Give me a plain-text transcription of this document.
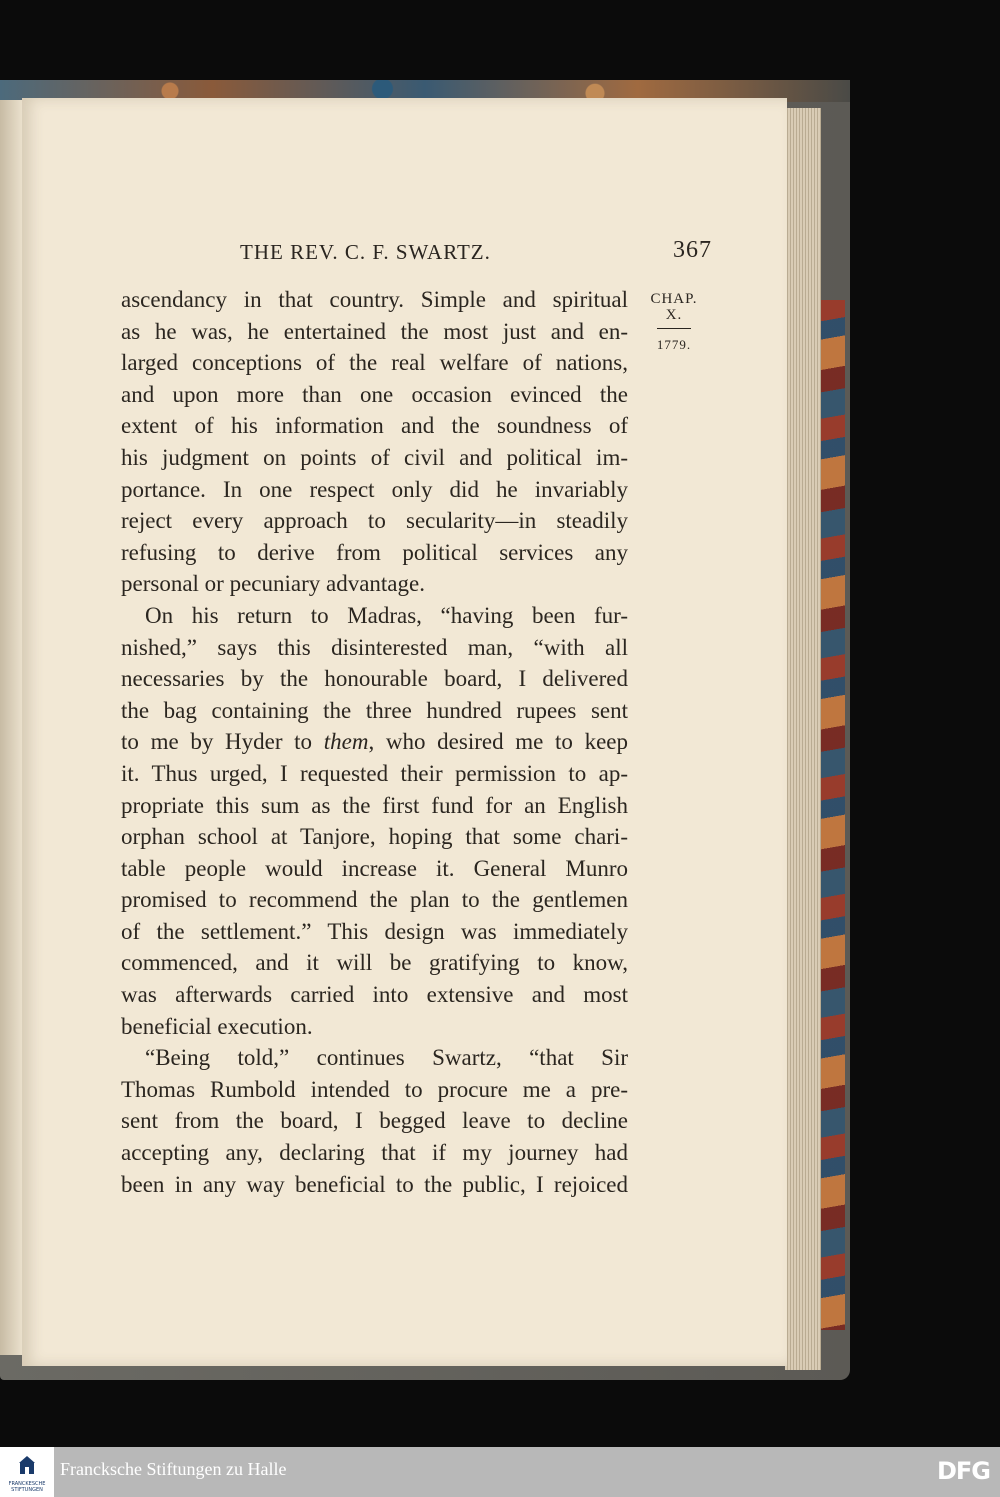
THE REV. C. F. SWARTZ.	367
CHAP.
X.
1779.
ascendancy in that country. Simple and spiritual
as he was, he entertained the most just and en-
larged conceptions of the real welfare of nations,
and upon more than one occasion evinced the
extent of his information and the soundness of
his judgment on points of civil and political im-
portance. In one respect only did he invariably
reject every approach to secularity—in steadily
refusing to derive from political services any
personal or pecuniary advantage.
On his return to Madras, “having been fur-
nished,” says this disinterested man, “with all
necessaries by the honourable board, I delivered
the bag containing the three hundred rupees sent
to me by Hyder to them, who desired me to keep
it. Thus urged, I requested their permission to ap-
propriate this sum as the first fund for an English
orphan school at Tanjore, hoping that some chari-
table people would increase it. General Munro
promised to recommend the plan to the gentlemen
of the settlement.” This design was immediately
commenced, and it will be gratifying to know,
was afterwards carried into extensive and most
beneficial execution.
“Being told,” continues Swartz, “that Sir
Thomas Rumbold intended to procure me a pre-
sent from the board, I begged leave to decline
accepting any, declaring that if my journey had
been in any way beneficial to the public, I rejoiced
FRANCKESCHE STIFTUNGEN
Francksche Stiftungen zu Halle	DFG
